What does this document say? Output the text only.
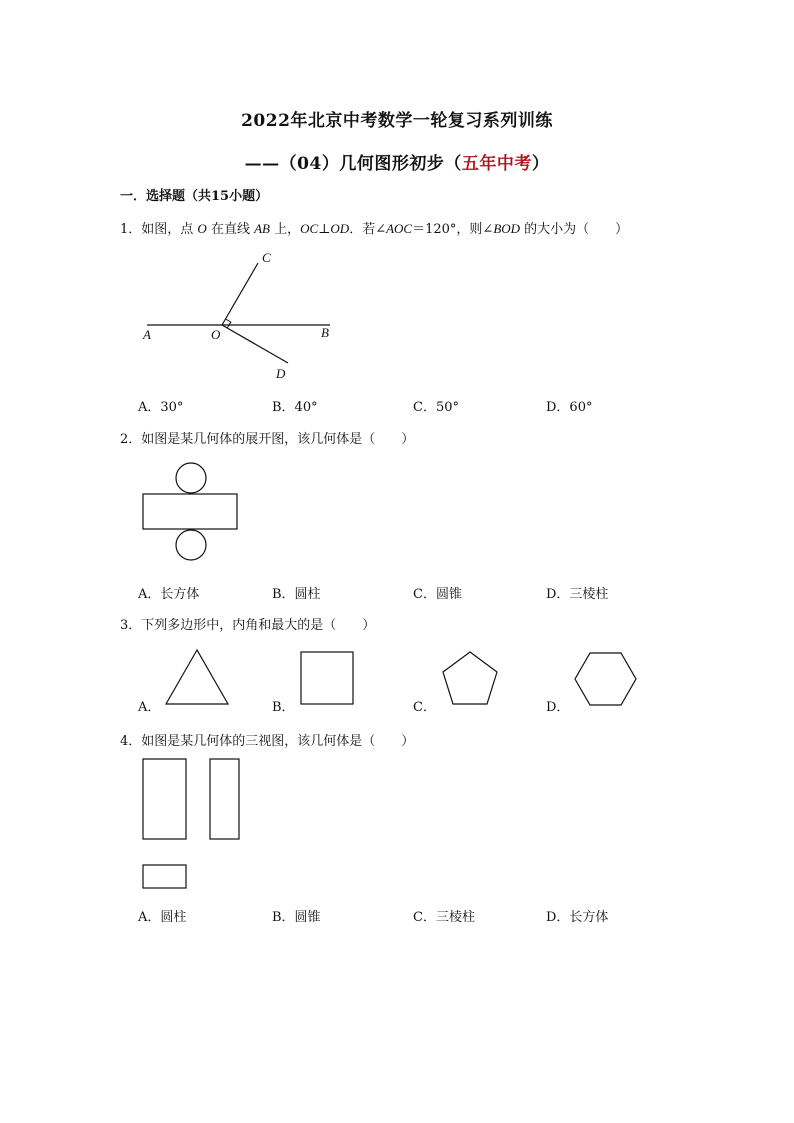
2022年北京中考数学一轮复习系列训练
——（04）几何图形初步（五年中考）
一．选择题（共15小题）
1．如图，点 O 在直线 AB 上，OC⊥OD．若∠AOC＝120°，则∠BOD 的大小为（　　）
C
A	O	B
D
A．30°	B．40°	C．50°	D．60°
2．如图是某几何体的展开图，该几何体是（　　）
A．长方体	B．圆柱	C．圆锥	D．三棱柱
3．下列多边形中，内角和最大的是（　　）
A．	B．	C．	D．
4．如图是某几何体的三视图，该几何体是（　　）
A．圆柱	B．圆锥	C．三棱柱	D．长方体
